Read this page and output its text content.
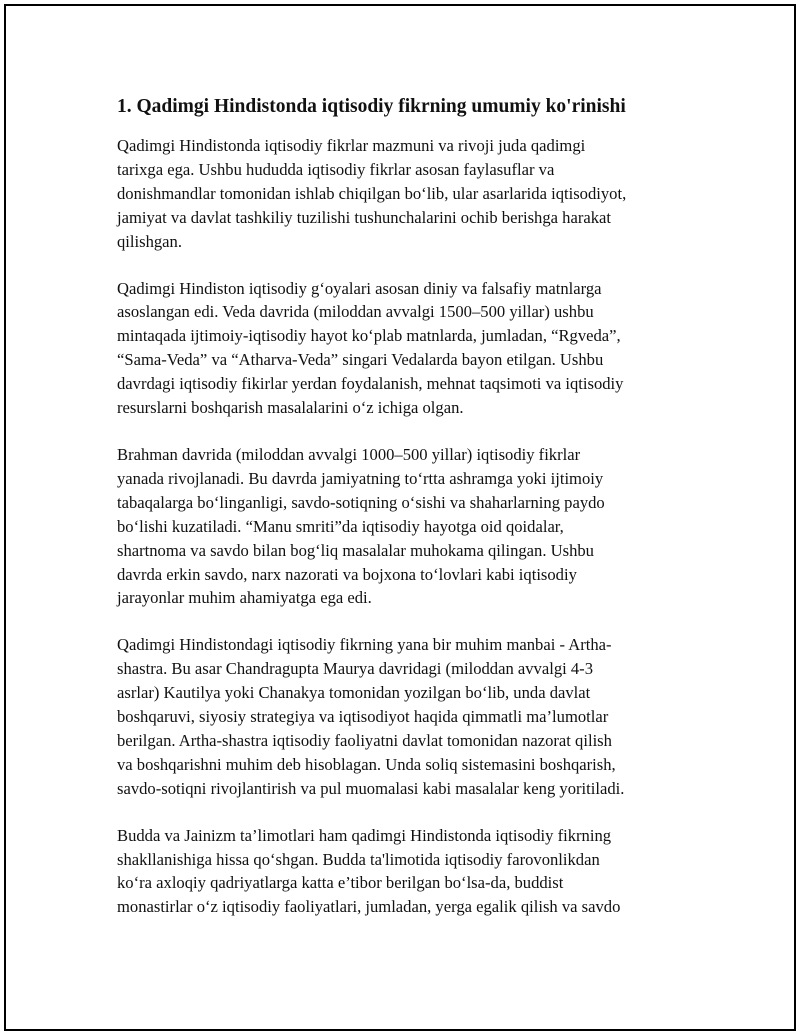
1. Qadimgi Hindistonda iqtisodiy fikrning umumiy ko'rinishi
Qadimgi Hindistonda iqtisodiy fikrlar mazmuni va rivoji juda qadimgi
tarixga ega. Ushbu hududda iqtisodiy fikrlar asosan faylasuflar va
donishmandlar tomonidan ishlab chiqilgan bo‘lib, ular asarlarida iqtisodiyot,
jamiyat va davlat tashkiliy tuzilishi tushunchalarini ochib berishga harakat
qilishgan.
Qadimgi Hindiston iqtisodiy g‘oyalari asosan diniy va falsafiy matnlarga
asoslangan edi. Veda davrida (miloddan avvalgi 1500–500 yillar) ushbu
mintaqada ijtimoiy-iqtisodiy hayot ko‘plab matnlarda, jumladan, “Rgveda”,
“Sama-Veda” va “Atharva-Veda” singari Vedalarda bayon etilgan. Ushbu
davrdagi iqtisodiy fikirlar yerdan foydalanish, mehnat taqsimoti va iqtisodiy
resurslarni boshqarish masalalarini o‘z ichiga olgan.
Brahman davrida (miloddan avvalgi 1000–500 yillar) iqtisodiy fikrlar
yanada rivojlanadi. Bu davrda jamiyatning to‘rtta ashramga yoki ijtimoiy
tabaqalarga bo‘linganligi, savdo-sotiqning o‘sishi va shaharlarning paydo
bo‘lishi kuzatiladi. “Manu smriti”da iqtisodiy hayotga oid qoidalar,
shartnoma va savdo bilan bog‘liq masalalar muhokama qilingan. Ushbu
davrda erkin savdo, narx nazorati va bojxona to‘lovlari kabi iqtisodiy
jarayonlar muhim ahamiyatga ega edi.
Qadimgi Hindistondagi iqtisodiy fikrning yana bir muhim manbai - Artha-
shastra. Bu asar Chandragupta Maurya davridagi (miloddan avvalgi 4-3
asrlar) Kautilya yoki Chanakya tomonidan yozilgan bo‘lib, unda davlat
boshqaruvi, siyosiy strategiya va iqtisodiyot haqida qimmatli ma’lumotlar
berilgan. Artha-shastra iqtisodiy faoliyatni davlat tomonidan nazorat qilish
va boshqarishni muhim deb hisoblagan. Unda soliq sistemasini boshqarish,
savdo-sotiqni rivojlantirish va pul muomalasi kabi masalalar keng yoritiladi.
Budda va Jainizm ta’limotlari ham qadimgi Hindistonda iqtisodiy fikrning
shakllanishiga hissa qo‘shgan. Budda ta'limotida iqtisodiy farovonlikdan
ko‘ra axloqiy qadriyatlarga katta e’tibor berilgan bo‘lsa-da, buddist
monastirlar o‘z iqtisodiy faoliyatlari, jumladan, yerga egalik qilish va savdo
